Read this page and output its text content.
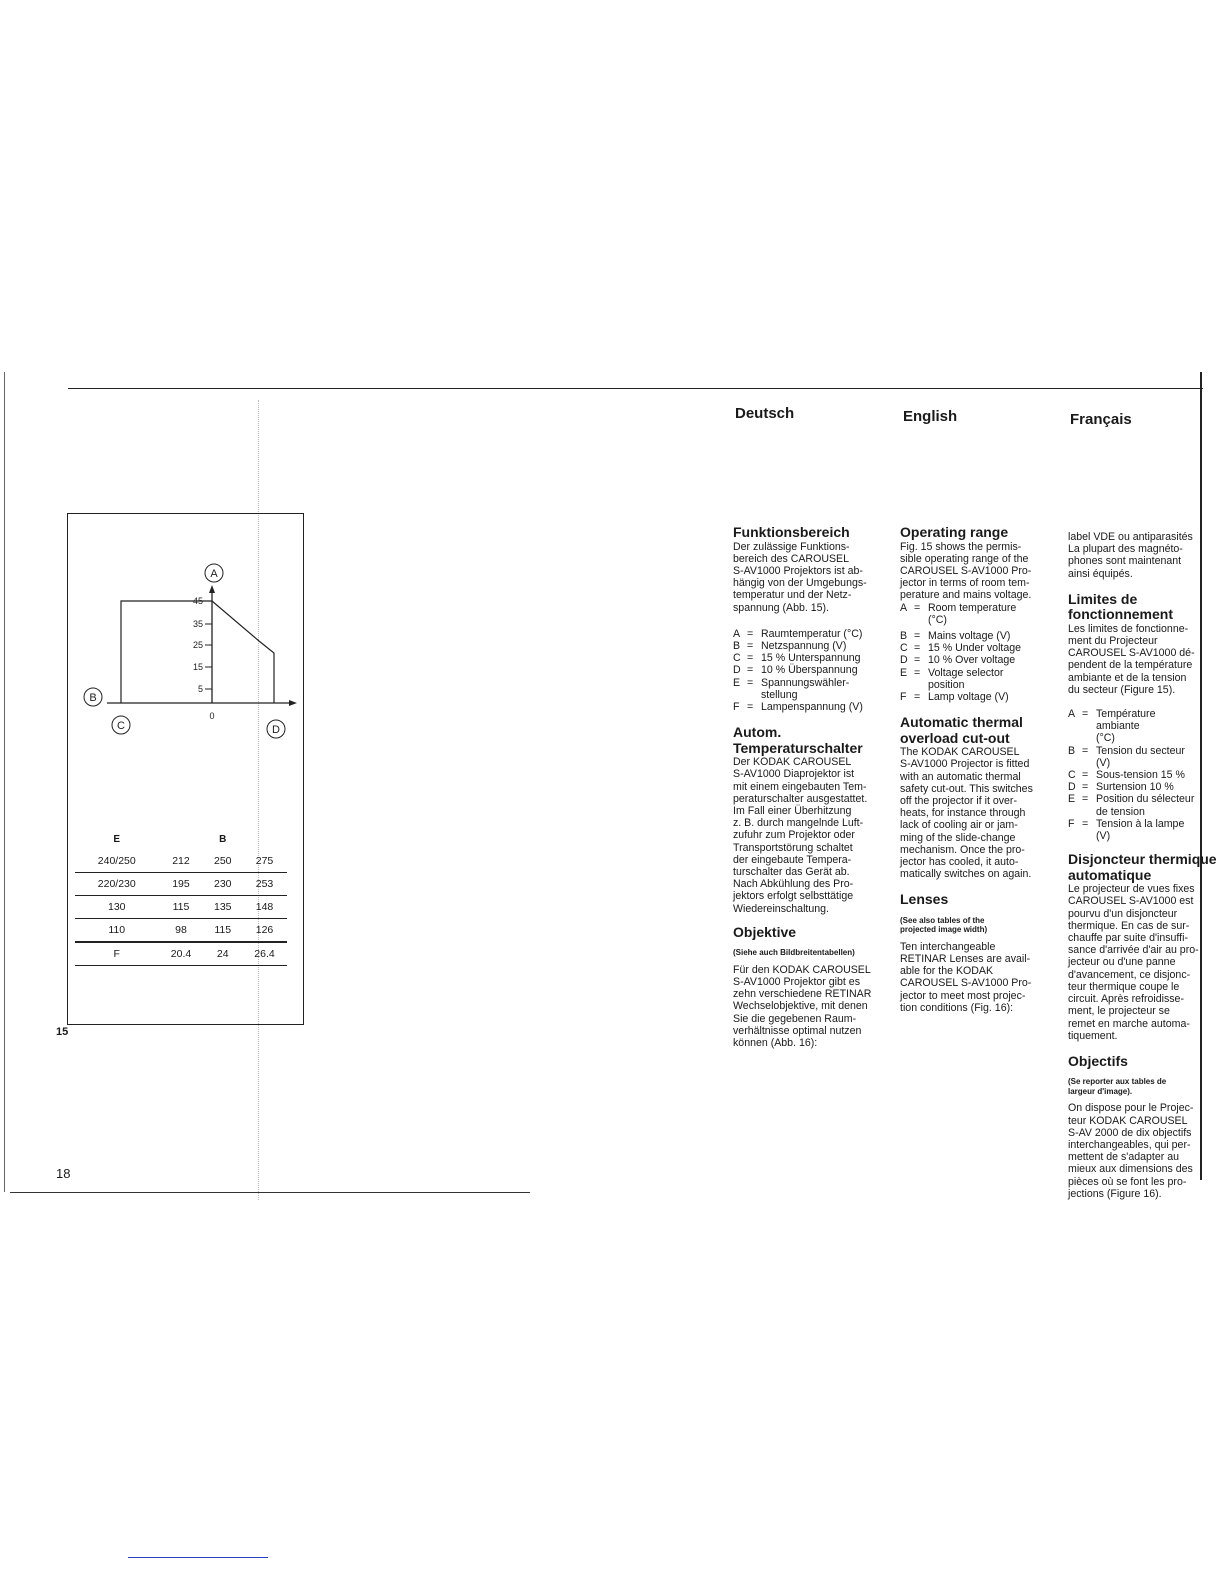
Deutsch	English	Français
A
B
C	D
45
35
25
15
5
0
E		B	
240/250	212	250	275
220/230	195	230	253
130	115	135	148
110	98	115	126
F	20.4	24	26.4
15
18
Funktionsbereich

Der zulässige Funktions-
bereich des CAROUSEL
S-AV1000 Projektors ist ab-
hängig von der Umgebungs-
temperatur und der Netz-
spannung (Abb. 15).

A = Raumtemperatur (°C)
B = Netzspannung (V)
C = 15 % Unterspannung
D = 10 % Überspannung
E = Spannungswähler-
stellung
F = Lampenspannung (V)
Autom.
Temperaturschalter

Der KODAK CAROUSEL
S-AV1000 Diaprojektor ist
mit einem eingebauten Tem-
peraturschalter ausgestattet.
Im Fall einer Überhitzung
z. B. durch mangelnde Luft-
zufuhr zum Projektor oder
Transportstörung schaltet
der eingebaute Tempera-
turschalter das Gerät ab.
Nach Abkühlung des Pro-
jektors erfolgt selbsttätige
Wiedereinschaltung.

Objektive
(Siehe auch Bildbreitentabellen)

Für den KODAK CAROUSEL
S-AV1000 Projektor gibt es
zehn verschiedene RETINAR
Wechselobjektive, mit denen
Sie die gegebenen Raum-
verhältnisse optimal nutzen
können (Abb. 16):

Operating range

Fig. 15 shows the permis-
sible operating range of the
CAROUSEL S-AV1000 Pro-
jector in terms of room tem-
perature and mains voltage.

A = Room temperature
(°C)
B = Mains voltage (V)
C = 15 % Under voltage
D = 10 % Over voltage
E = Voltage selector
position
F = Lamp voltage (V)
Automatic thermal
overload cut-out

The KODAK CAROUSEL
S-AV1000 Projector is fitted
with an automatic thermal
safety cut-out. This switches
off the projector if it over-
heats, for instance through
lack of cooling air or jam-
ming of the slide-change
mechanism. Once the pro-
jector has cooled, it auto-
matically switches on again.

Lenses
(See also tables of the
projected image width)

Ten interchangeable
RETINAR Lenses are avail-
able for the KODAK
CAROUSEL S-AV1000 Pro-
jector to meet most projec-
tion conditions (Fig. 16):

label VDE ou antiparasités
La plupart des magnéto-
phones sont maintenant
ainsi équipés.

Limites de
fonctionnement

Les limites de fonctionne-
ment du Projecteur
CAROUSEL S-AV1000 dé-
pendent de la température
ambiante et de la tension
du secteur (Figure 15).

A = Température ambiante
(°C)
B = Tension du secteur (V)
C = Sous-tension 15 %
D = Surtension 10 %
E = Position du sélecteur
de tension
F = Tension à la lampe (V)
Disjoncteur thermique
automatique

Le projecteur de vues fixes
CAROUSEL S-AV1000 est
pourvu d'un disjoncteur
thermique. En cas de sur-
chauffe par suite d'insuffi-
sance d'arrivée d'air au pro-
jecteur ou d'une panne
d'avancement, ce disjonc-
teur thermique coupe le
circuit. Après refroidisse-
ment, le projecteur se
remet en marche automa-
tiquement.

Objectifs
(Se reporter aux tables de
largeur d'image).

On dispose pour le Projec-
teur KODAK CAROUSEL
S-AV 2000 de dix objectifs
interchangeables, qui per-
mettent de s'adapter au
mieux aux dimensions des
pièces où se font les pro-
jections (Figure 16).
